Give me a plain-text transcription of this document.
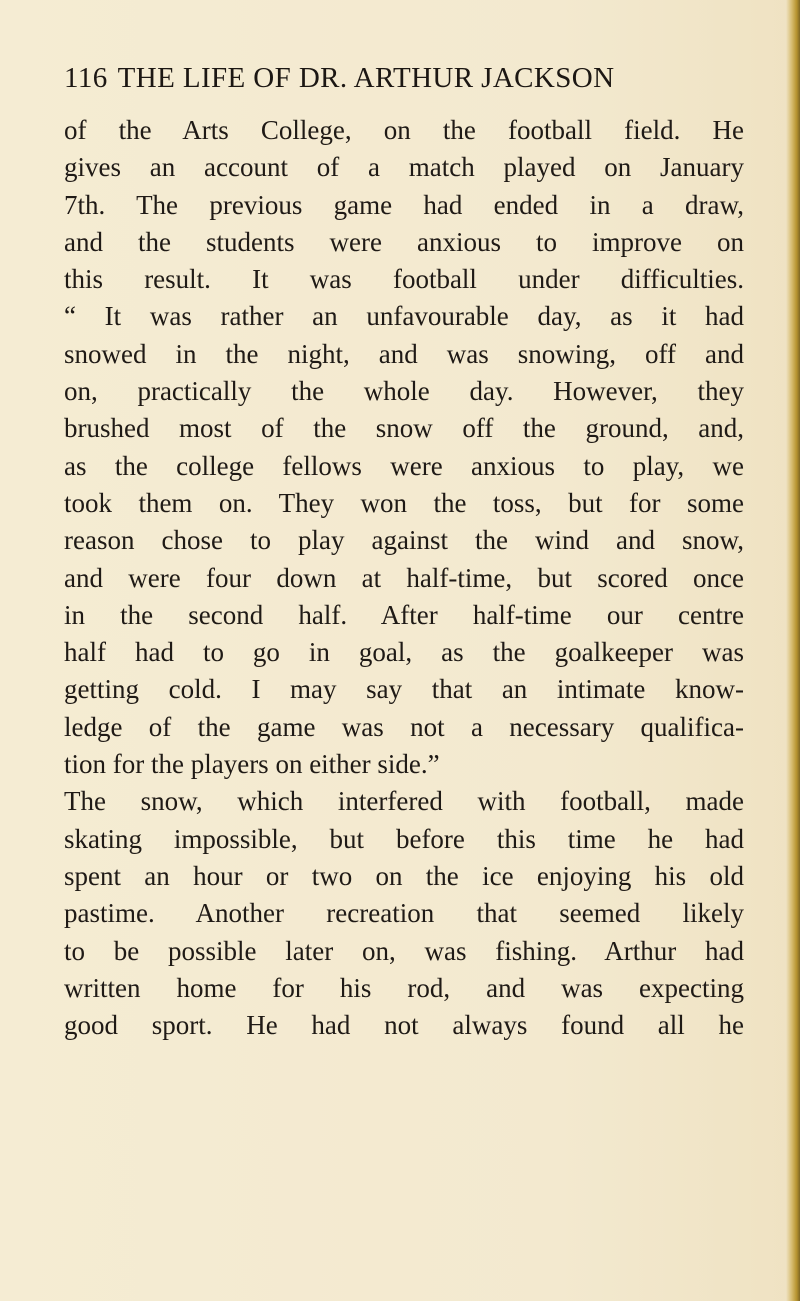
116 THE LIFE OF DR. ARTHUR JACKSON
of the Arts College, on the football field. He
gives an account of a match played on January
7th. The previous game had ended in a draw,
and the students were anxious to improve on
this result. It was football under difficulties.
“ It was rather an unfavourable day, as it had
snowed in the night, and was snowing, off and
on, practically the whole day. However, they
brushed most of the snow off the ground, and,
as the college fellows were anxious to play, we
took them on. They won the toss, but for some
reason chose to play against the wind and snow,
and were four down at half-time, but scored once
in the second half. After half-time our centre
half had to go in goal, as the goalkeeper was
getting cold. I may say that an intimate know-
ledge of the game was not a necessary qualifica-
tion for the players on either side.”
The snow, which interfered with football, made
skating impossible, but before this time he had
spent an hour or two on the ice enjoying his old
pastime. Another recreation that seemed likely
to be possible later on, was fishing. Arthur had
written home for his rod, and was expecting
good sport. He had not always found all he
